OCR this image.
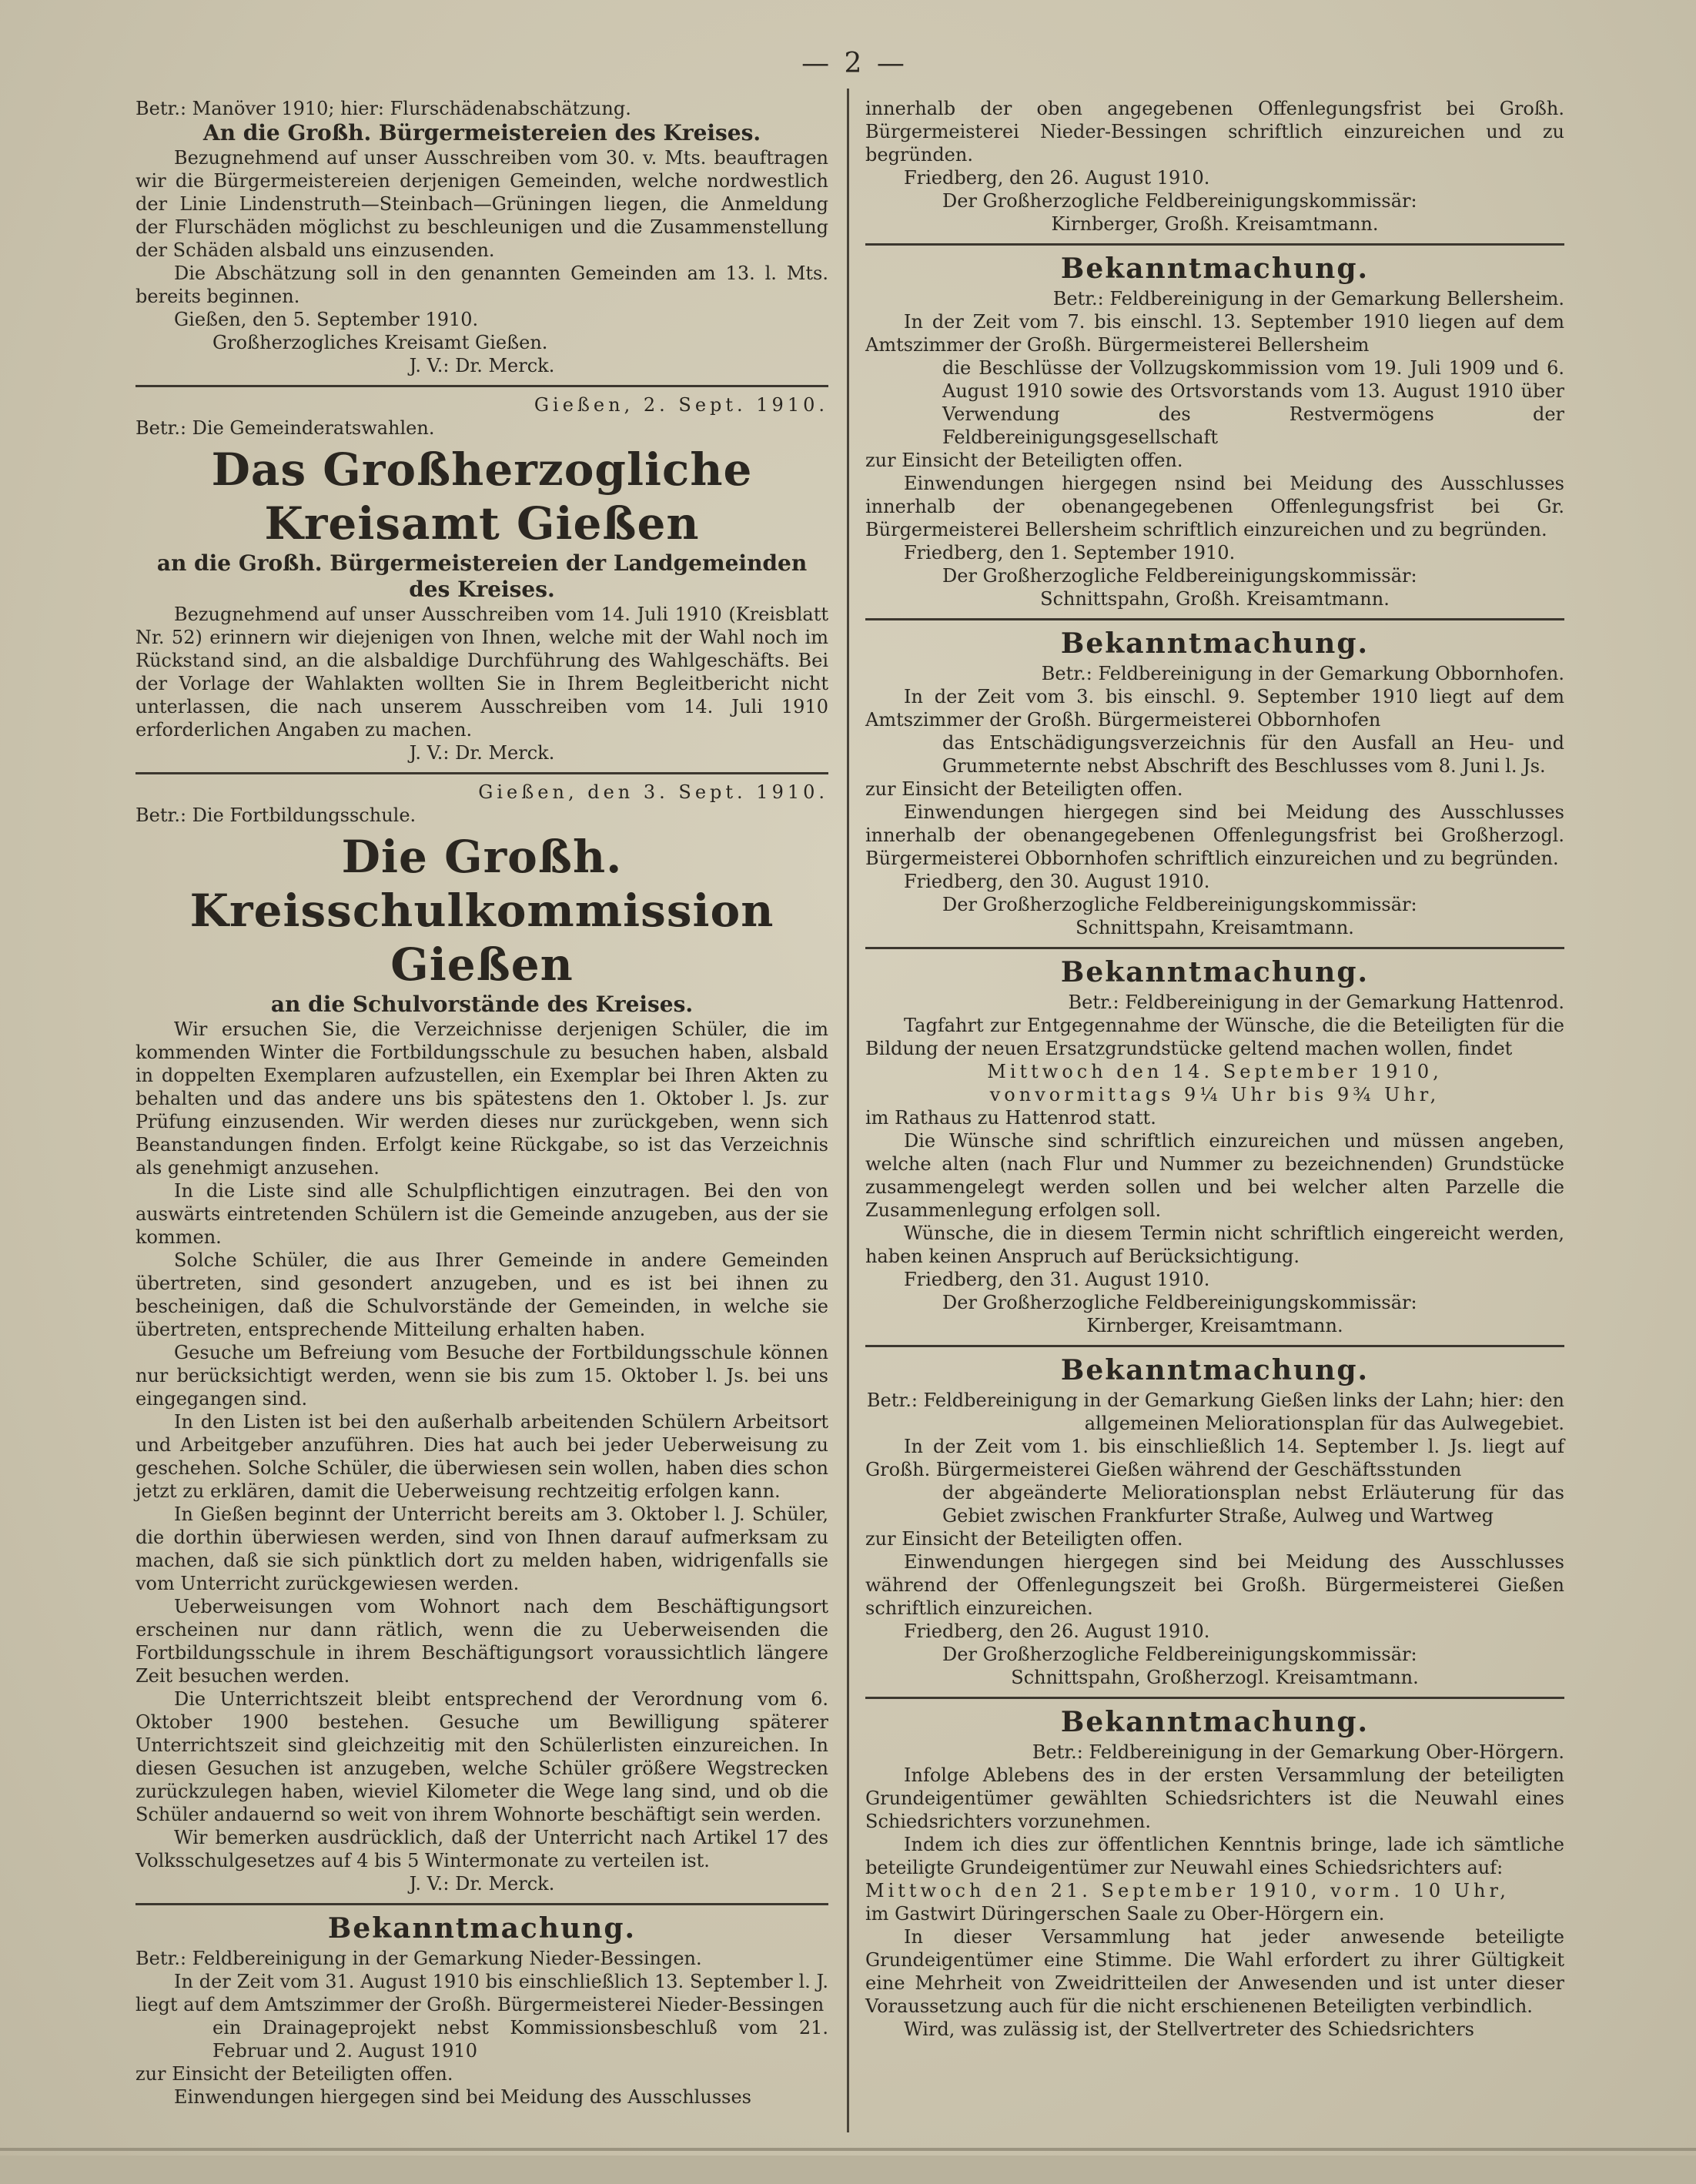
— 2 —

Betr.: Manöver 1910; hier: Flurschädenabschätzung.

An die Großh. Bürgermeistereien des Kreises.

Bezugnehmend auf unser Ausschreiben vom 30. v. Mts. beauftragen wir die Bürgermeistereien derjenigen Gemeinden, welche nordwestlich der Linie Lindenstruth—Steinbach—Grüningen liegen, die Anmeldung der Flurschäden möglichst zu beschleunigen und die Zusammenstellung der Schäden alsbald uns einzusenden.

Die Abschätzung soll in den genannten Gemeinden am 13. l. Mts. bereits beginnen.

Gießen, den 5. September 1910.

Großherzogliches Kreisamt Gießen.

J. V.: Dr. Merck.

Gießen, 2. Sept. 1910.

Betr.: Die Gemeinderatswahlen.

Das Großherzogliche Kreisamt Gießen

an die Großh. Bürgermeistereien der Landgemeinden des Kreises.

Bezugnehmend auf unser Ausschreiben vom 14. Juli 1910 (Kreisblatt Nr. 52) erinnern wir diejenigen von Ihnen, welche mit der Wahl noch im Rückstand sind, an die alsbaldige Durchführung des Wahlgeschäfts. Bei der Vorlage der Wahlakten wollten Sie in Ihrem Begleitbericht nicht unterlassen, die nach unserem Ausschreiben vom 14. Juli 1910 erforderlichen Angaben zu machen.

J. V.: Dr. Merck.

Gießen, den 3. Sept. 1910.

Betr.: Die Fortbildungsschule.

Die Großh. Kreisschulkommission Gießen

an die Schulvorstände des Kreises.

Wir ersuchen Sie, die Verzeichnisse derjenigen Schüler, die im kommenden Winter die Fortbildungsschule zu besuchen haben, alsbald in doppelten Exemplaren aufzustellen, ein Exemplar bei Ihren Akten zu behalten und das andere uns bis spätestens den 1. Oktober l. Js. zur Prüfung einzusenden. Wir werden dieses nur zurückgeben, wenn sich Beanstandungen finden. Erfolgt keine Rückgabe, so ist das Verzeichnis als genehmigt anzusehen.

In die Liste sind alle Schulpflichtigen einzutragen. Bei den von auswärts eintretenden Schülern ist die Gemeinde anzugeben, aus der sie kommen.

Solche Schüler, die aus Ihrer Gemeinde in andere Gemeinden übertreten, sind gesondert anzugeben, und es ist bei ihnen zu bescheinigen, daß die Schulvorstände der Gemeinden, in welche sie übertreten, entsprechende Mitteilung erhalten haben.

Gesuche um Befreiung vom Besuche der Fortbildungsschule können nur berücksichtigt werden, wenn sie bis zum 15. Oktober l. Js. bei uns eingegangen sind.

In den Listen ist bei den außerhalb arbeitenden Schülern Arbeitsort und Arbeitgeber anzuführen. Dies hat auch bei jeder Ueberweisung zu geschehen. Solche Schüler, die überwiesen sein wollen, haben dies schon jetzt zu erklären, damit die Ueberweisung rechtzeitig erfolgen kann.

In Gießen beginnt der Unterricht bereits am 3. Oktober l. J. Schüler, die dorthin überwiesen werden, sind von Ihnen darauf aufmerksam zu machen, daß sie sich pünktlich dort zu melden haben, widrigenfalls sie vom Unterricht zurückgewiesen werden.

Ueberweisungen vom Wohnort nach dem Beschäftigungsort erscheinen nur dann rätlich, wenn die zu Ueberweisenden die Fortbildungsschule in ihrem Beschäftigungsort voraussichtlich längere Zeit besuchen werden.

Die Unterrichtszeit bleibt entsprechend der Verordnung vom 6. Oktober 1900 bestehen. Gesuche um Bewilligung späterer Unterrichtszeit sind gleichzeitig mit den Schülerlisten einzureichen. In diesen Gesuchen ist anzugeben, welche Schüler größere Wegstrecken zurückzulegen haben, wieviel Kilometer die Wege lang sind, und ob die Schüler andauernd so weit von ihrem Wohnorte beschäftigt sein werden.

Wir bemerken ausdrücklich, daß der Unterricht nach Artikel 17 des Volksschulgesetzes auf 4 bis 5 Wintermonate zu verteilen ist.

J. V.: Dr. Merck.

Bekanntmachung.

Betr.: Feldbereinigung in der Gemarkung Nieder-Bessingen.

In der Zeit vom 31. August 1910 bis einschließlich 13. September l. J. liegt auf dem Amtszimmer der Großh. Bürgermeisterei Nieder-Bessingen

ein Drainageprojekt nebst Kommissionsbeschluß vom 21. Februar und 2. August 1910

zur Einsicht der Beteiligten offen.

Einwendungen hiergegen sind bei Meidung des Ausschlusses

innerhalb der oben angegebenen Offenlegungsfrist bei Großh. Bürgermeisterei Nieder-Bessingen schriftlich einzureichen und zu begründen.

Friedberg, den 26. August 1910.

Der Großherzogliche Feldbereinigungskommissär:

Kirnberger, Großh. Kreisamtmann.

Bekanntmachung.

Betr.: Feldbereinigung in der Gemarkung Bellersheim.

In der Zeit vom 7. bis einschl. 13. September 1910 liegen auf dem Amtszimmer der Großh. Bürgermeisterei Bellersheim

die Beschlüsse der Vollzugskommission vom 19. Juli 1909 und 6. August 1910 sowie des Ortsvorstands vom 13. August 1910 über Verwendung des Restvermögens der Feldbereinigungsgesellschaft

zur Einsicht der Beteiligten offen.

Einwendungen hiergegen nsind bei Meidung des Ausschlusses innerhalb der obenangegebenen Offenlegungsfrist bei Gr. Bürgermeisterei Bellersheim schriftlich einzureichen und zu begründen.

Friedberg, den 1. September 1910.

Der Großherzogliche Feldbereinigungskommissär:

Schnittspahn, Großh. Kreisamtmann.

Bekanntmachung.

Betr.: Feldbereinigung in der Gemarkung Obbornhofen.

In der Zeit vom 3. bis einschl. 9. September 1910 liegt auf dem Amtszimmer der Großh. Bürgermeisterei Obbornhofen

das Entschädigungsverzeichnis für den Ausfall an Heu- und Grummeternte nebst Abschrift des Beschlusses vom 8. Juni l. Js.

zur Einsicht der Beteiligten offen.

Einwendungen hiergegen sind bei Meidung des Ausschlusses innerhalb der obenangegebenen Offenlegungsfrist bei Großherzogl. Bürgermeisterei Obbornhofen schriftlich einzureichen und zu begründen.

Friedberg, den 30. August 1910.

Der Großherzogliche Feldbereinigungskommissär:

Schnittspahn, Kreisamtmann.

Bekanntmachung.

Betr.: Feldbereinigung in der Gemarkung Hattenrod.

Tagfahrt zur Entgegennahme der Wünsche, die die Beteiligten für die Bildung der neuen Ersatzgrundstücke geltend machen wollen, findet

Mittwoch den 14. September 1910,

vonvormittags 9¼ Uhr bis 9¾ Uhr,

im Rathaus zu Hattenrod statt.

Die Wünsche sind schriftlich einzureichen und müssen angeben, welche alten (nach Flur und Nummer zu bezeichnenden) Grundstücke zusammengelegt werden sollen und bei welcher alten Parzelle die Zusammenlegung erfolgen soll.

Wünsche, die in diesem Termin nicht schriftlich eingereicht werden, haben keinen Anspruch auf Berücksichtigung.

Friedberg, den 31. August 1910.

Der Großherzogliche Feldbereinigungskommissär:

Kirnberger, Kreisamtmann.

Bekanntmachung.

Betr.: Feldbereinigung in der Gemarkung Gießen links der Lahn; hier: den allgemeinen Meliorationsplan für das Aulwegebiet.

In der Zeit vom 1. bis einschließlich 14. September l. Js. liegt auf Großh. Bürgermeisterei Gießen während der Geschäftsstunden

der abgeänderte Meliorationsplan nebst Erläuterung für das Gebiet zwischen Frankfurter Straße, Aulweg und Wartweg

zur Einsicht der Beteiligten offen.

Einwendungen hiergegen sind bei Meidung des Ausschlusses während der Offenlegungszeit bei Großh. Bürgermeisterei Gießen schriftlich einzureichen.

Friedberg, den 26. August 1910.

Der Großherzogliche Feldbereinigungskommissär:

Schnittspahn, Großherzogl. Kreisamtmann.

Bekanntmachung.

Betr.: Feldbereinigung in der Gemarkung Ober-Hörgern.

Infolge Ablebens des in der ersten Versammlung der beteiligten Grundeigentümer gewählten Schiedsrichters ist die Neuwahl eines Schiedsrichters vorzunehmen.

Indem ich dies zur öffentlichen Kenntnis bringe, lade ich sämtliche beteiligte Grundeigentümer zur Neuwahl eines Schiedsrichters auf:

Mittwoch den 21. September 1910, vorm. 10 Uhr,

im Gastwirt Düringerschen Saale zu Ober-Hörgern ein.

In dieser Versammlung hat jeder anwesende beteiligte Grundeigentümer eine Stimme. Die Wahl erfordert zu ihrer Gültigkeit eine Mehrheit von Zweidritteilen der Anwesenden und ist unter dieser Voraussetzung auch für die nicht erschienenen Beteiligten verbindlich.

Wird, was zulässig ist, der Stellvertreter des Schiedsrichters
